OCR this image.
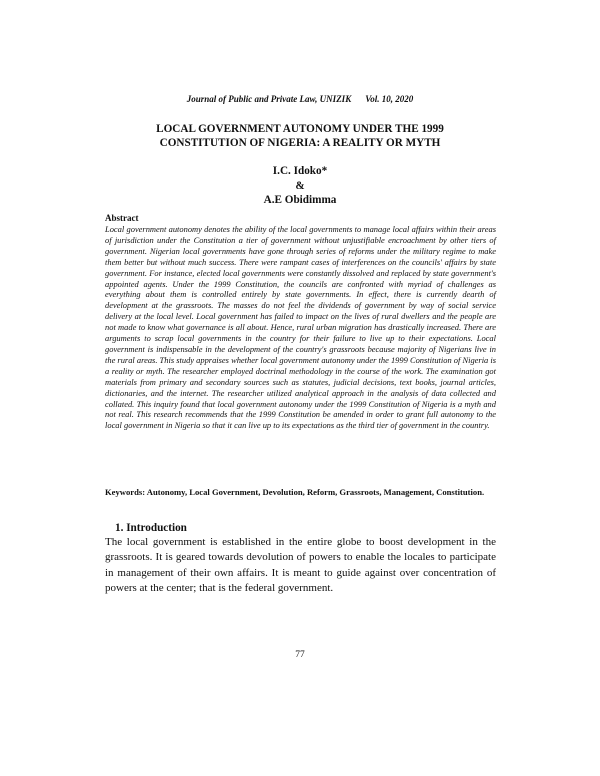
Journal of Public and Private Law, UNIZIK Vol. 10, 2020
LOCAL GOVERNMENT AUTONOMY UNDER THE 1999
CONSTITUTION OF NIGERIA: A REALITY OR MYTH
I.C. Idoko*
&
A.E Obidimma
Abstract
Local government autonomy denotes the ability of the local governments to manage local affairs within their areas of jurisdiction under the Constitution a tier of government without unjustifiable encroachment by other tiers of government. Nigerian local governments have gone through series of reforms under the military regime to make them better but without much success. There were rampant cases of interferences on the councils' affairs by state government. For instance, elected local governments were constantly dissolved and replaced by state government's appointed agents. Under the 1999 Constitution, the councils are confronted with myriad of challenges as everything about them is controlled entirely by state governments. In effect, there is currently dearth of development at the grassroots. The masses do not feel the dividends of government by way of social service delivery at the local level. Local government has failed to impact on the lives of rural dwellers and the people are not made to know what governance is all about. Hence, rural urban migration has drastically increased. There are arguments to scrap local governments in the country for their failure to live up to their expectations. Local government is indispensable in the development of the country's grassroots because majority of Nigerians live in the rural areas. This study appraises whether local government autonomy under the 1999 Constitution of Nigeria is a reality or myth. The researcher employed doctrinal methodology in the course of the work. The examination got materials from primary and secondary sources such as statutes, judicial decisions, text books, journal articles, dictionaries, and the internet. The researcher utilized analytical approach in the analysis of data collected and collated. This inquiry found that local government autonomy under the 1999 Constitution of Nigeria is a myth and not real. This research recommends that the 1999 Constitution be amended in order to grant full autonomy to the local government in Nigeria so that it can live up to its expectations as the third tier of government in the country.
Keywords: Autonomy, Local Government, Devolution, Reform, Grassroots, Management, Constitution.
1. Introduction
The local government is established in the entire globe to boost development in the grassroots. It is geared towards devolution of powers to enable the locales to participate in management of their own affairs. It is meant to guide against over concentration of powers at the center; that is the federal government.
77
